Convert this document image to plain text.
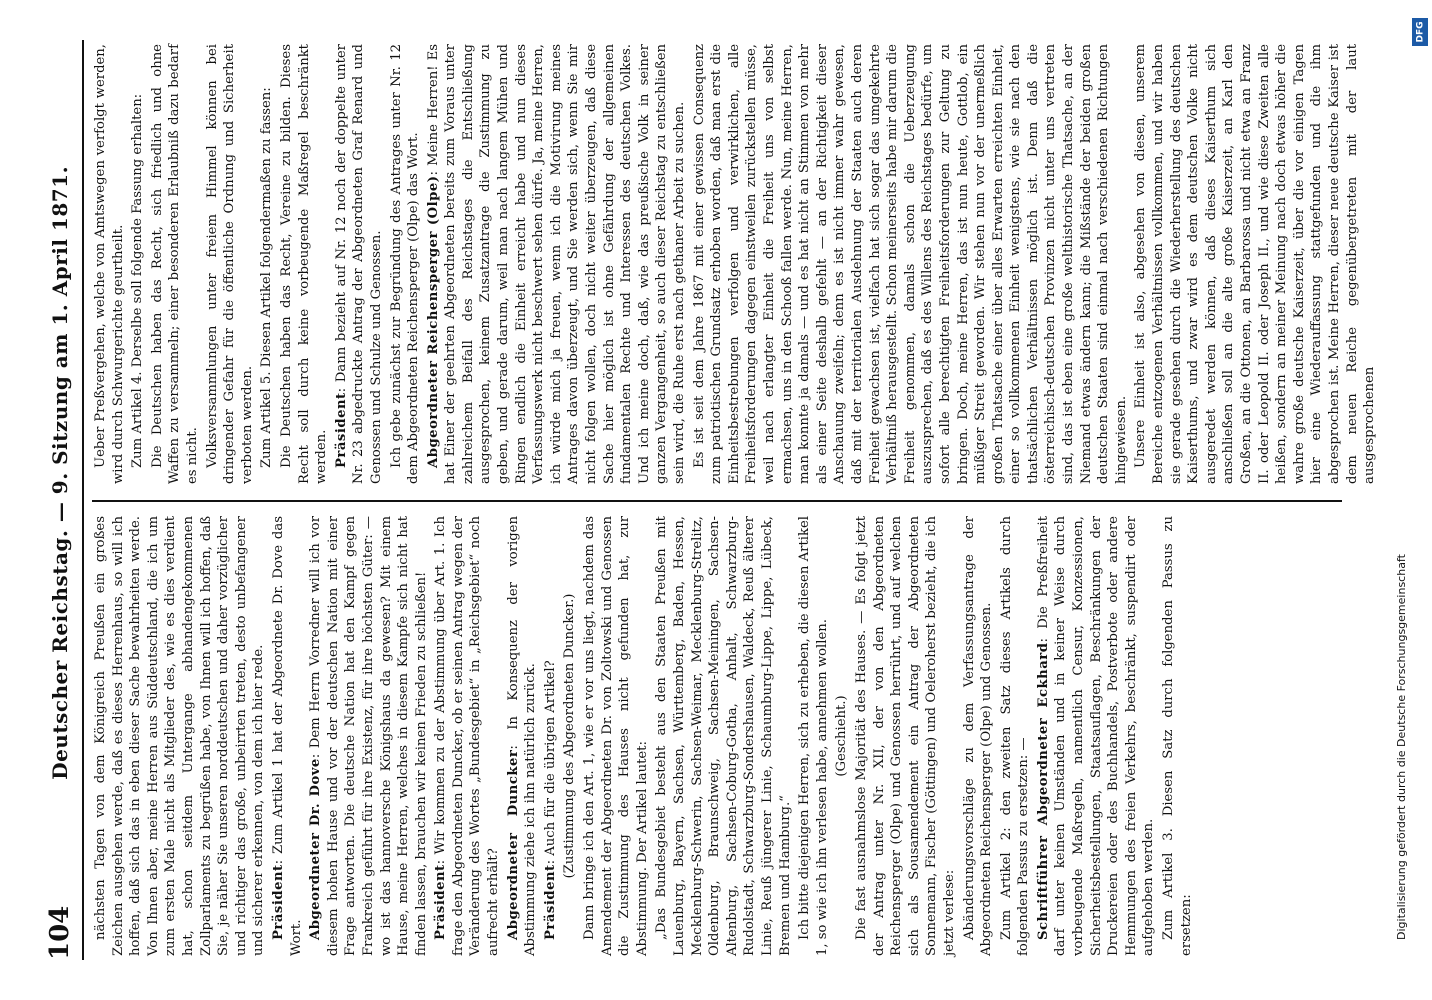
104
Deutscher Reichstag. — 9. Sitzung am 1. April 1871. nächsten Tagen von dem Königreich Preußen ein großes Zeichen ausgehen werde, daß es dieses Herrenhaus, so will ich hoffen, daß sich das in eben dieser Sache bewahrheiten werde. Von Ihnen aber, meine Herren aus Süddeutschland, die ich um zum ersten Male nicht als Mitglieder des, wie es dies verdient hat, schon seitdem Untergange abhandengekommenen Zollparlaments zu begrüßen habe, von Ihnen will ich hoffen, daß Sie, je näher Sie unseren norddeutschen und daher vorzüglicher und richtiger das große, unbeirrten treten, desto unbefangener und sicherer erkennen, von dem ich hier rede. Präsident: Zum Artikel 1 hat der Abgeordnete Dr. Dove das Wort. Abgeordneter Dr. Dove: Dem Herrn Vorredner will ich vor diesem hohen Hause und vor der deutschen Nation mit einer Frage antworten. Die deutsche Nation hat den Kampf gegen Frankreich geführt für ihre Existenz, für ihre höchsten Güter: — wo ist das hannoversche Königshaus da gewesen? Mit einem Hause, meine Herren, welches in diesem Kampfe sich nicht hat finden lassen, brauchen wir keinen Frieden zu schließen! Präsident: Wir kommen zu der Abstimmung über Art. 1. Ich frage den Abgeordneten Duncker, ob er seinen Antrag wegen der Veränderung des Wortes „Bundesgebiet“ in „Reichsgebiet“ noch aufrecht erhält? Abgeordneter Duncker: In Konsequenz der vorigen Abstimmung ziehe ich ihn natürlich zurück. Präsident: Auch für die übrigen Artikel? (Zustimmung des Abgeordneten Duncker.) Dann bringe ich den Art. 1, wie er vor uns liegt, nachdem das Amendement der Abgeordneten Dr. von Zoltowski und Genossen die Zustimmung des Hauses nicht gefunden hat, zur Abstimmung. Der Artikel lautet: „Das Bundesgebiet besteht aus den Staaten Preußen mit Lauenburg, Bayern, Sachsen, Württemberg, Baden, Hessen, Mecklenburg-Schwerin, Sachsen-Weimar, Mecklenburg-Strelitz, Oldenburg, Braunschweig, Sachsen-Meiningen, Sachsen-Altenburg, Sachsen-Coburg-Gotha, Anhalt, Schwarzburg-Rudolstadt, Schwarzburg-Sondershausen, Waldeck, Reuß älterer Linie, Reuß jüngerer Linie, Schaumburg-Lippe, Lippe, Lübeck, Bremen und Hamburg.“ Ich bitte diejenigen Herren, sich zu erheben, die diesen Artikel 1, so wie ich ihn verlesen habe, annehmen wollen. (Geschieht.) Die fast ausnahmslose Majorität des Hauses. — Es folgt jetzt der Antrag unter Nr. XII, der von den Abgeordneten Reichensperger (Olpe) und Genossen herrührt, und auf welchen sich als Sousamendement ein Antrag der Abgeordneten Sonnemann, Fischer (Göttingen) und Oeleroherst bezieht, die ich jetzt verlese: Abänderungsvorschläge zu dem Verfassungsantrage der Abgeordneten Reichensperger (Olpe) und Genossen. Zum Artikel 2: den zweiten Satz dieses Artikels durch folgenden Passus zu ersetzen: — Schriftführer Abgeordneter Eckhard: Die Preßfreiheit darf unter keinen Umständen und in keiner Weise durch vorbeugende Maßregeln, namentlich Censur, Konzessionen, Sicherheitsbestellungen, Staatsauflagen, Beschränkungen der Druckereien oder des Buchhandels, Postverbote oder andere Hemmungen des freien Verkehrs, beschränkt, suspendirt oder aufgehoben werden. Zum Artikel 3. Diesen Satz durch folgenden Passus zu ersetzen:

Ueber Preßvergehen, welche von Amtswegen verfolgt werden, wird durch Schwurgerichte geurtheilt. Zum Artikel 4. Derselbe soll folgende Fassung erhalten: Die Deutschen haben das Recht, sich friedlich und ohne Waffen zu versammeln; einer besonderen Erlaubniß dazu bedarf es nicht. Volksversammlungen unter freiem Himmel können bei dringender Gefahr für die öffentliche Ordnung und Sicherheit verboten werden. Zum Artikel 5. Diesen Artikel folgendermaßen zu fassen: Die Deutschen haben das Recht, Vereine zu bilden. Dieses Recht soll durch keine vorbeugende Maßregel beschränkt werden. Präsident: Dann bezieht auf Nr. 12 noch der doppelte unter Nr. 23 abgedruckte Antrag der Abgeordneten Graf Renard und Genossen und Schulze und Genossen. Ich gebe zunächst zur Begründung des Antrages unter Nr. 12 dem Abgeordneten Reichensperger (Olpe) das Wort. Abgeordneter Reichensperger (Olpe): Meine Herren! Es hat Einer der geehrten Abgeordneten bereits zum Voraus unter zahlreichem Beifall des Reichstages die Entschließung ausgesprochen, keinem Zusatzantrage die Zustimmung zu geben, und gerade darum, weil man nach langem Mühen und Ringen endlich die Einheit erreicht habe und nun dieses Verfassungswerk nicht beschwert sehen dürfe. Ja, meine Herren, ich würde mich ja freuen, wenn ich die Motivirung meines Antrages davon überzeugt, und Sie werden sich, wenn Sie mir nicht folgen wollen, doch nicht weiter überzeugen, daß diese Sache hier möglich ist ohne Gefährdung der allgemeinen fundamentalen Rechte und Interessen des deutschen Volkes. Und ich meine doch, daß, wie das preußische Volk in seiner ganzen Vergangenheit, so auch dieser Reichstag zu entschließen sein wird, die Ruhe erst nach gethaner Arbeit zu suchen. Es ist seit dem Jahre 1867 mit einer gewissen Consequenz zum patriotischen Grundsatz erhoben worden, daß man erst die Einheitsbestrebungen verfolgen und verwirklichen, alle Freiheitsforderungen dagegen einstweilen zurückstellen müsse, weil nach erlangter Einheit die Freiheit uns von selbst ermachsen, uns in den Schooß fallen werde. Nun, meine Herren, man konnte ja damals — und es hat nicht an Stimmen von mehr als einer Seite deshalb gefehlt — an der Richtigkeit dieser Anschauung zweifeln; denn es ist nicht immer wahr gewesen, daß mit der territorialen Ausdehnung der Staaten auch deren Freiheit gewachsen ist, vielfach hat sich sogar das umgekehrte Verhältniß herausgestellt. Schon meinerseits habe mir darum die Freiheit genommen, damals schon die Ueberzeugung auszusprechen, daß es des Willens des Reichstages bedürfe, um sofort alle berechtigten Freiheitsforderungen zur Geltung zu bringen. Doch, meine Herren, das ist nun heute, Gottlob, ein müßiger Streit geworden. Wir stehen nun vor der unermeßlich großen Thatsache einer über alles Erwarten erreichten Einheit, einer so vollkommenen Einheit wenigstens, wie sie nach den thatsächlichen Verhältnissen möglich ist. Denn daß die österreichisch-deutschen Provinzen nicht unter uns vertreten sind, das ist eben eine große welthistorische Thatsache, an der Niemand etwas ändern kann; die Mißstände der beiden großen deutschen Staaten sind einmal nach verschiedenen Richtungen hingewiesen. Unsere Einheit ist also, abgesehen von diesen, unserem Bereiche entzogenen Verhältnissen vollkommen, und wir haben sie gerade gesehen durch die Wiederherstellung des deutschen Kaiserthums, und zwar wird es dem deutschen Volke nicht ausgeredet werden können, daß dieses Kaiserthum sich anschließen soll an die alte große Kaiserzeit, an Karl den Großen, an die Ottonen, an Barbarossa und nicht etwa an Franz II. oder Leopold II. oder Joseph II., und wie diese Zweiten alle heißen, sondern an meiner Meinung nach doch etwas höher die wahre große deutsche Kaiserzeit, über die vor einigen Tagen hier eine Wiederauffassung stattgefunden und die ihm abgesprochen ist. Meine Herren, dieser neue deutsche Kaiser ist dem neuen Reiche gegenübergetreten mit der laut ausgesprochenen

Digitalisierung gefördert durch die Deutsche Forschungsgemeinschaft
DFG
